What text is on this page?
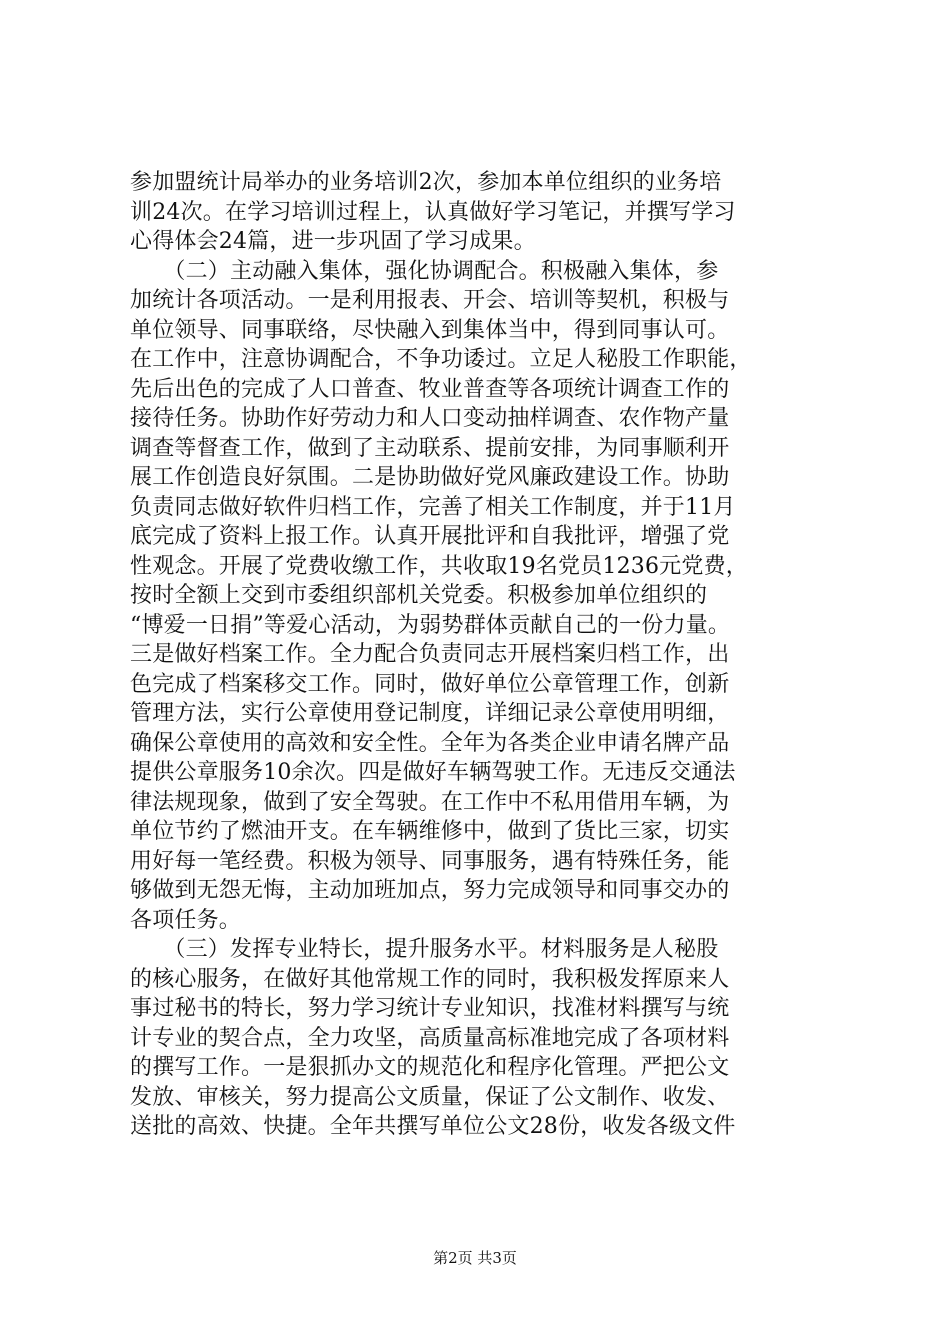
参加盟统计局举办的业务培训2次，参加本单位组织的业务培
训24次。在学习培训过程上，认真做好学习笔记，并撰写学习
心得体会24篇，进一步巩固了学习成果。
　　（二）主动融入集体，强化协调配合。积极融入集体，参
加统计各项活动。一是利用报表、开会、培训等契机，积极与
单位领导、同事联络，尽快融入到集体当中，得到同事认可。
在工作中，注意协调配合，不争功诿过。立足人秘股工作职能，
先后出色的完成了人口普查、牧业普查等各项统计调查工作的
接待任务。协助作好劳动力和人口变动抽样调查、农作物产量
调查等督查工作，做到了主动联系、提前安排，为同事顺利开
展工作创造良好氛围。二是协助做好党风廉政建设工作。协助
负责同志做好软件归档工作，完善了相关工作制度，并于11月
底完成了资料上报工作。认真开展批评和自我批评，增强了党
性观念。开展了党费收缴工作，共收取19名党员1236元党费，
按时全额上交到市委组织部机关党委。积极参加单位组织的
“博爱一日捐”等爱心活动，为弱势群体贡献自己的一份力量。
三是做好档案工作。全力配合负责同志开展档案归档工作，出
色完成了档案移交工作。同时，做好单位公章管理工作，创新
管理方法，实行公章使用登记制度，详细记录公章使用明细，
确保公章使用的高效和安全性。全年为各类企业申请名牌产品
提供公章服务10余次。四是做好车辆驾驶工作。无违反交通法
律法规现象，做到了安全驾驶。在工作中不私用借用车辆，为
单位节约了燃油开支。在车辆维修中，做到了货比三家，切实
用好每一笔经费。积极为领导、同事服务，遇有特殊任务，能
够做到无怨无悔，主动加班加点，努力完成领导和同事交办的
各项任务。
　　（三）发挥专业特长，提升服务水平。材料服务是人秘股
的核心服务，在做好其他常规工作的同时，我积极发挥原来人
事过秘书的特长，努力学习统计专业知识，找准材料撰写与统
计专业的契合点，全力攻坚，高质量高标准地完成了各项材料
的撰写工作。一是狠抓办文的规范化和程序化管理。严把公文
发放、审核关，努力提高公文质量，保证了公文制作、收发、
送批的高效、快捷。全年共撰写单位公文28份，收发各级文件
第2页 共3页
